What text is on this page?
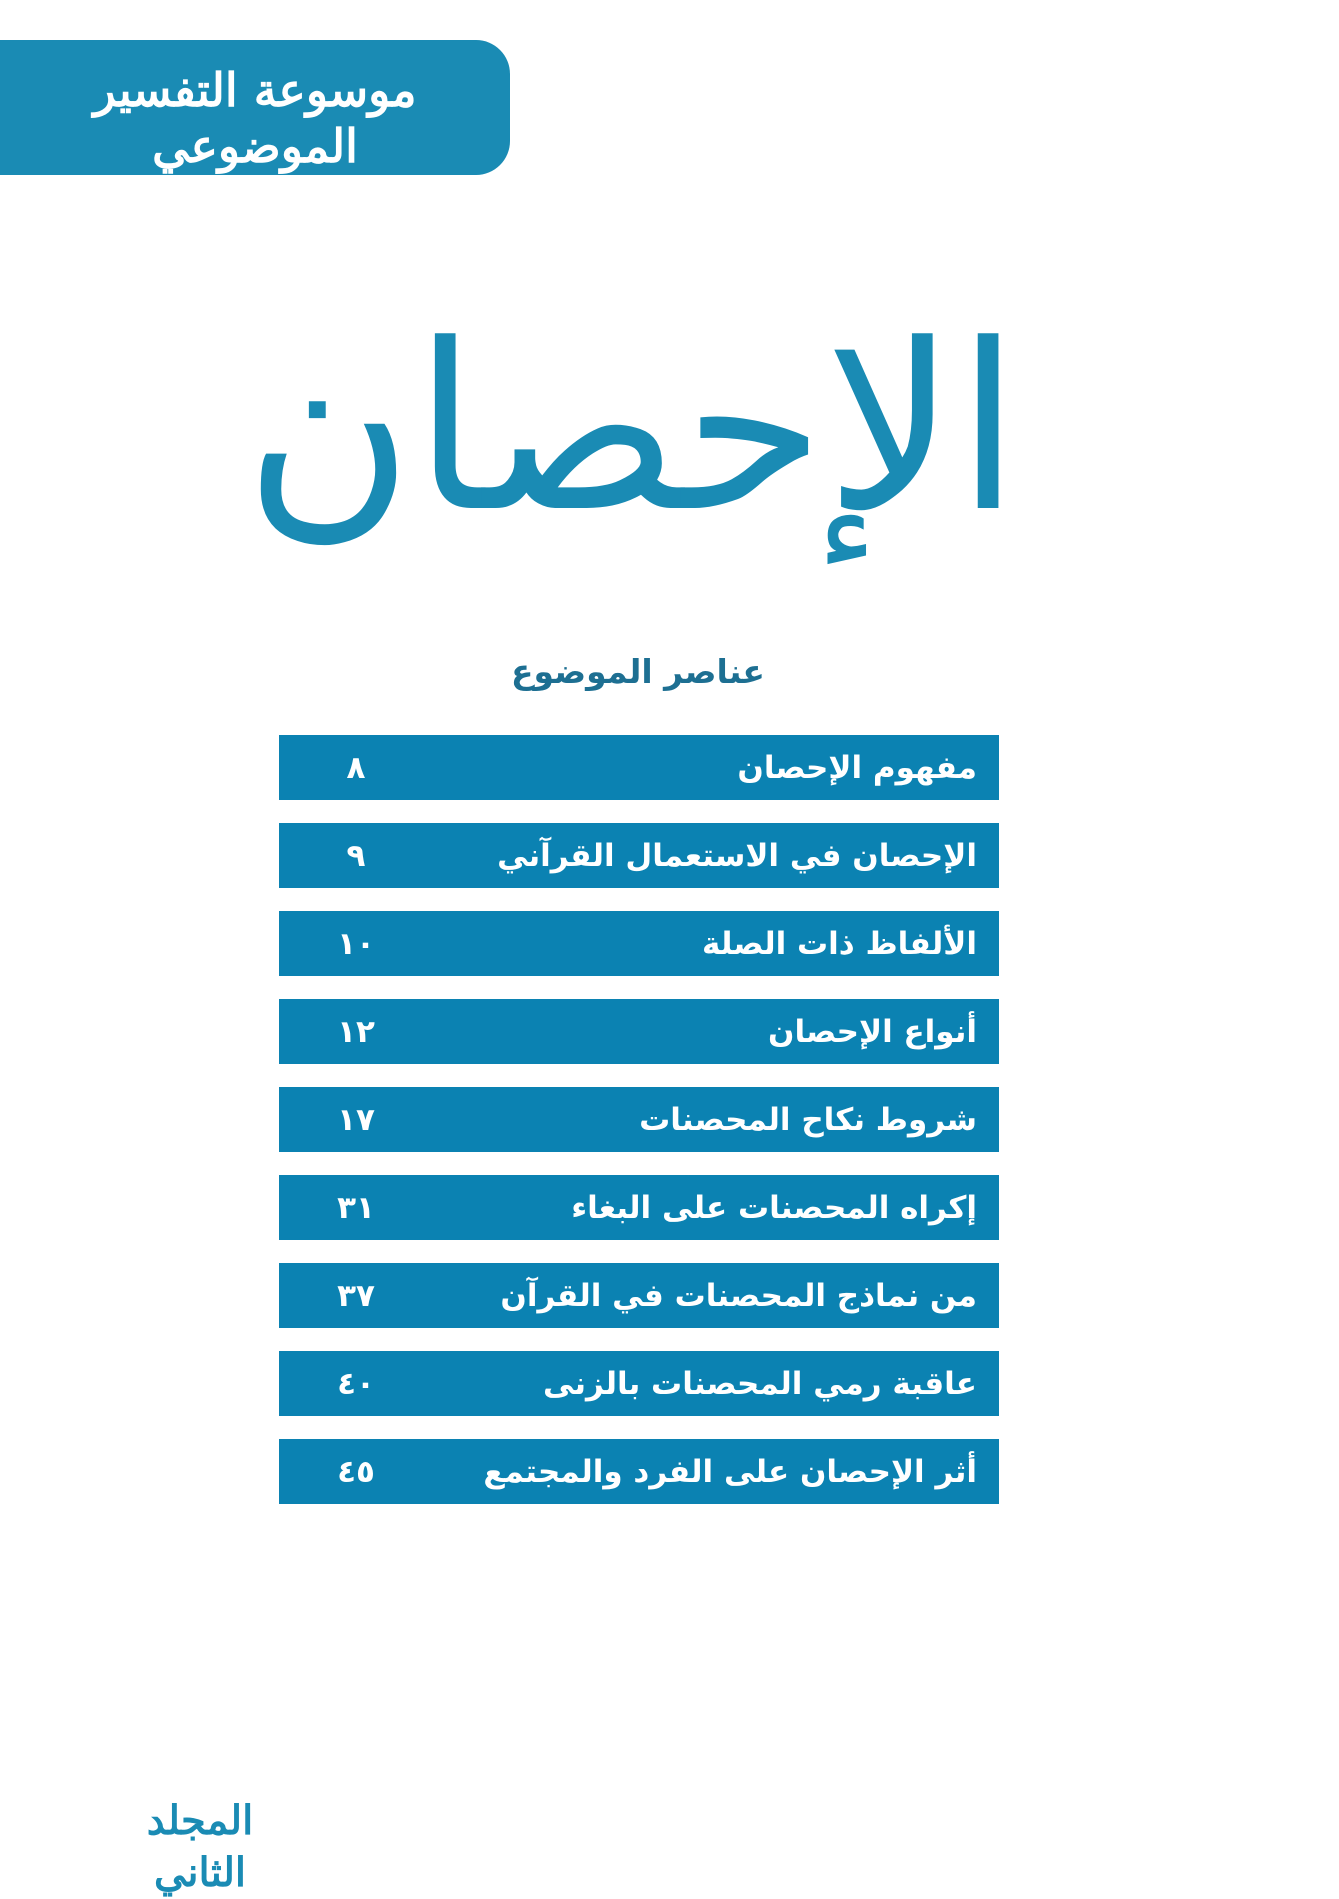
موسوعة التفسير الموضوعي
للقرآن الكريم
الإحصان
عناصر الموضوع
مفهوم الإحصان
٨
الإحصان في الاستعمال القرآني
٩
الألفاظ ذات الصلة
١٠
أنواع الإحصان
١٢
شروط نكاح المحصنات
١٧
إكراه المحصنات على البغاء
٣١
من نماذج المحصنات في القرآن
٣٧
عاقبة رمي المحصنات بالزنى
٤٠
أثر الإحصان على الفرد والمجتمع
٤٥
المجلد الثاني
